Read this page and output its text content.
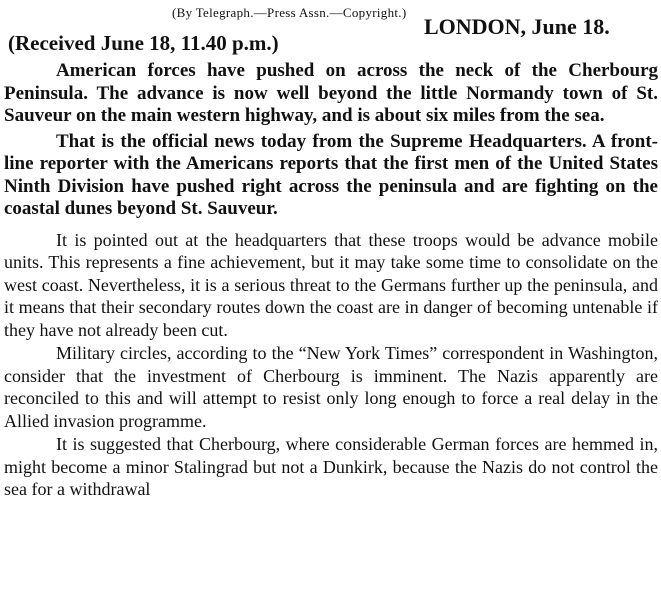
(By Telegraph.—Press Assn.—Copyright.)
LONDON, June 18.
(Received June 18, 11.40 p.m.)

American forces have pushed on across the neck of the Cherbourg Peninsula. The advance is now well beyond the little Normandy town of St. Sauveur on the main western highway, and is about six miles from the sea.

That is the official news today from the Supreme Headquarters. A front-line reporter with the Americans reports that the first men of the United States Ninth Division have pushed right across the peninsula and are fighting on the coastal dunes beyond St. Sauveur.

It is pointed out at the headquarters that these troops would be advance mobile units. This represents a fine achievement, but it may take some time to consolidate on the west coast. Nevertheless, it is a serious threat to the Germans further up the peninsula, and it means that their secondary routes down the coast are in danger of becoming untenable if they have not already been cut.

Military circles, according to the “New York Times” correspondent in Washington, consider that the investment of Cherbourg is imminent. The Nazis apparently are reconciled to this and will attempt to resist only long enough to force a real delay in the Allied invasion programme.

It is suggested that Cherbourg, where considerable German forces are hemmed in, might become a minor Stalingrad but not a Dunkirk, because the Nazis do not control the sea for a withdrawal
